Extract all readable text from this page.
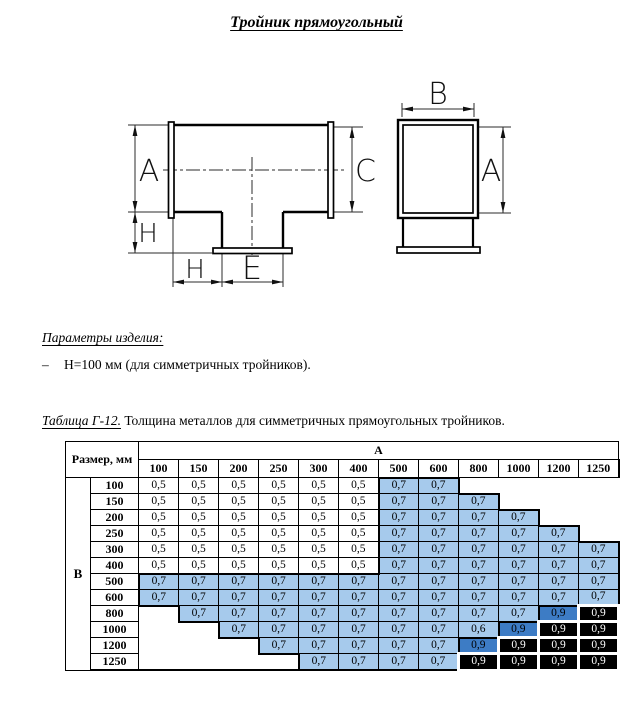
Тройник прямоугольный
A
H
C
H E
B
A
Параметры изделия:
– Н=100 мм (для симметричных тройников).
Таблица Г-12. Толщина металлов для симметричных прямоугольных тройников.
Размер, мм		А											
		100	150	200	250	300	400	500	600	800	1000	1200	1250
В	100	0,5	0,5	0,5	0,5	0,5	0,5	0,7	0,7				
	150	0,5	0,5	0,5	0,5	0,5	0,5	0,7	0,7	0,7			
	200	0,5	0,5	0,5	0,5	0,5	0,5	0,7	0,7	0,7	0,7		
	250	0,5	0,5	0,5	0,5	0,5	0,5	0,7	0,7	0,7	0,7	0,7	
	300	0,5	0,5	0,5	0,5	0,5	0,5	0,7	0,7	0,7	0,7	0,7	0,7
	400	0,5	0,5	0,5	0,5	0,5	0,5	0,7	0,7	0,7	0,7	0,7	0,7
	500	0,7	0,7	0,7	0,7	0,7	0,7	0,7	0,7	0,7	0,7	0,7	0,7
	600	0,7	0,7	0,7	0,7	0,7	0,7	0,7	0,7	0,7	0,7	0,7	0,7
	800		0,7	0,7	0,7	0,7	0,7	0,7	0,7	0,7	0,7	0,9	0,9
	1000			0,7	0,7	0,7	0,7	0,7	0,7	0,6	0,9	0,9	0,9
	1200				0,7	0,7	0,7	0,7	0,7	0,9	0,9	0,9	0,9
	1250					0,7	0,7	0,7	0,7	0,9	0,9	0,9	0,9
